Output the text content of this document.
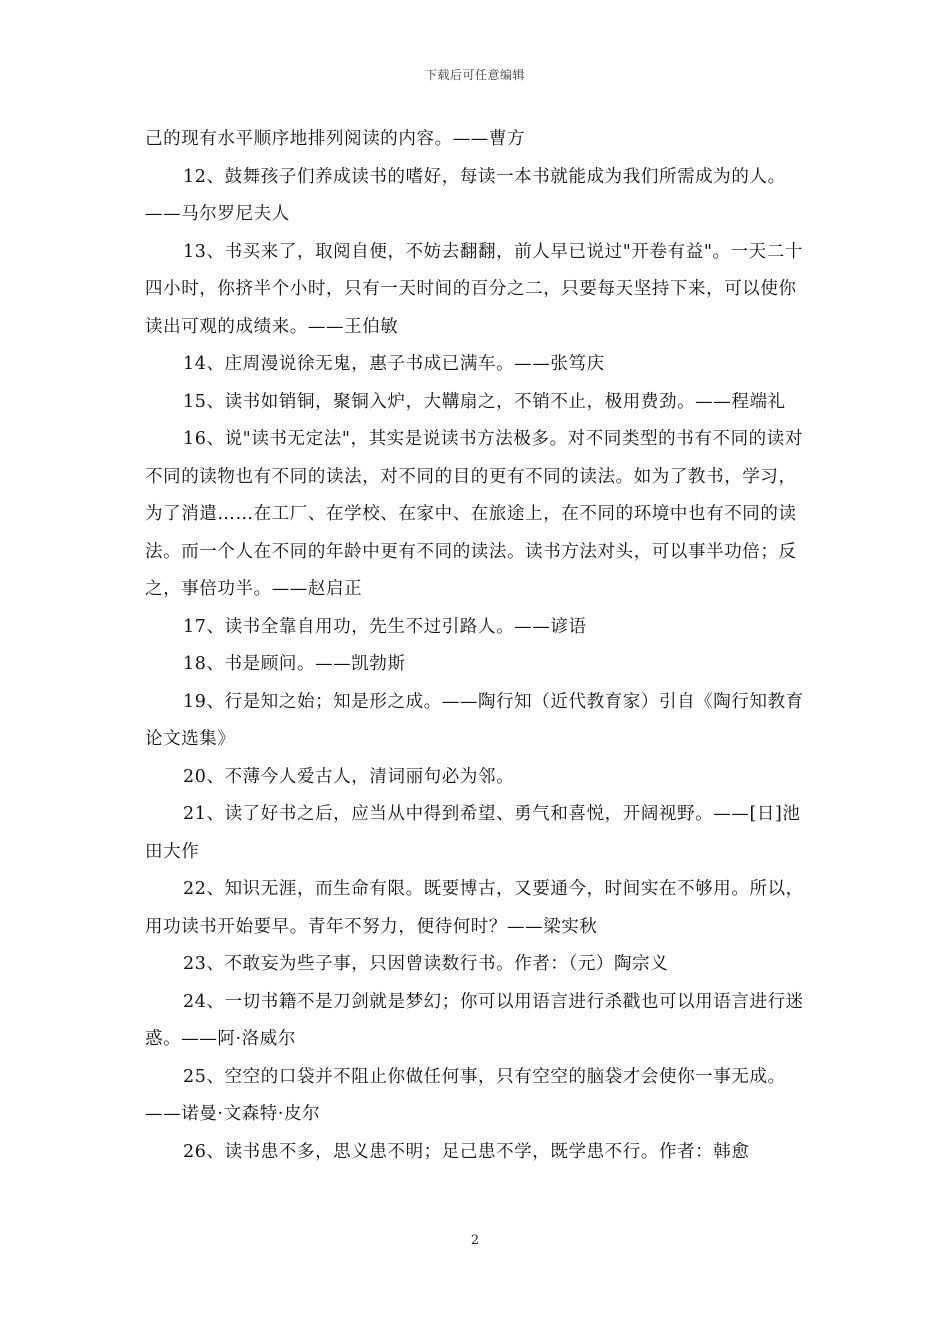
下载后可任意编辑

己的现有水平顺序地排列阅读的内容。——曹方

12、鼓舞孩子们养成读书的嗜好，每读一本书就能成为我们所需成为的人。——马尔罗尼夫人

13、书买来了，取阅自便，不妨去翻翻，前人早已说过"开卷有益"。一天二十四小时，你挤半个小时，只有一天时间的百分之二，只要每天坚持下来，可以使你读出可观的成绩来。——王伯敏

14、庄周漫说徐无鬼，惠子书成已满车。——张笃庆

15、读书如销铜，聚铜入炉，大鞲扇之，不销不止，极用费劲。——程端礼

16、说"读书无定法"，其实是说读书方法极多。对不同类型的书有不同的读对不同的读物也有不同的读法，对不同的目的更有不同的读法。如为了教书，学习，为了消遣……在工厂、在学校、在家中、在旅途上，在不同的环境中也有不同的读法。而一个人在不同的年龄中更有不同的读法。读书方法对头，可以事半功倍；反之，事倍功半。——赵启正

17、读书全靠自用功，先生不过引路人。——谚语

18、书是顾问。——凯勃斯

19、行是知之始；知是形之成。——陶行知（近代教育家）引自《陶行知教育论文选集》

20、不薄今人爱古人，清词丽句必为邻。

21、读了好书之后，应当从中得到希望、勇气和喜悦，开阔视野。——[日]池田大作

22、知识无涯，而生命有限。既要博古，又要通今，时间实在不够用。所以，用功读书开始要早。青年不努力，便待何时？——梁实秋

23、不敢妄为些子事，只因曾读数行书。作者：（元）陶宗义

24、一切书籍不是刀剑就是梦幻；你可以用语言进行杀戳也可以用语言进行迷惑。——阿·洛威尔

25、空空的口袋并不阻止你做任何事，只有空空的脑袋才会使你一事无成。——诺曼·文森特·皮尔

26、读书患不多，思义患不明；足己患不学，既学患不行。作者：韩愈

2
